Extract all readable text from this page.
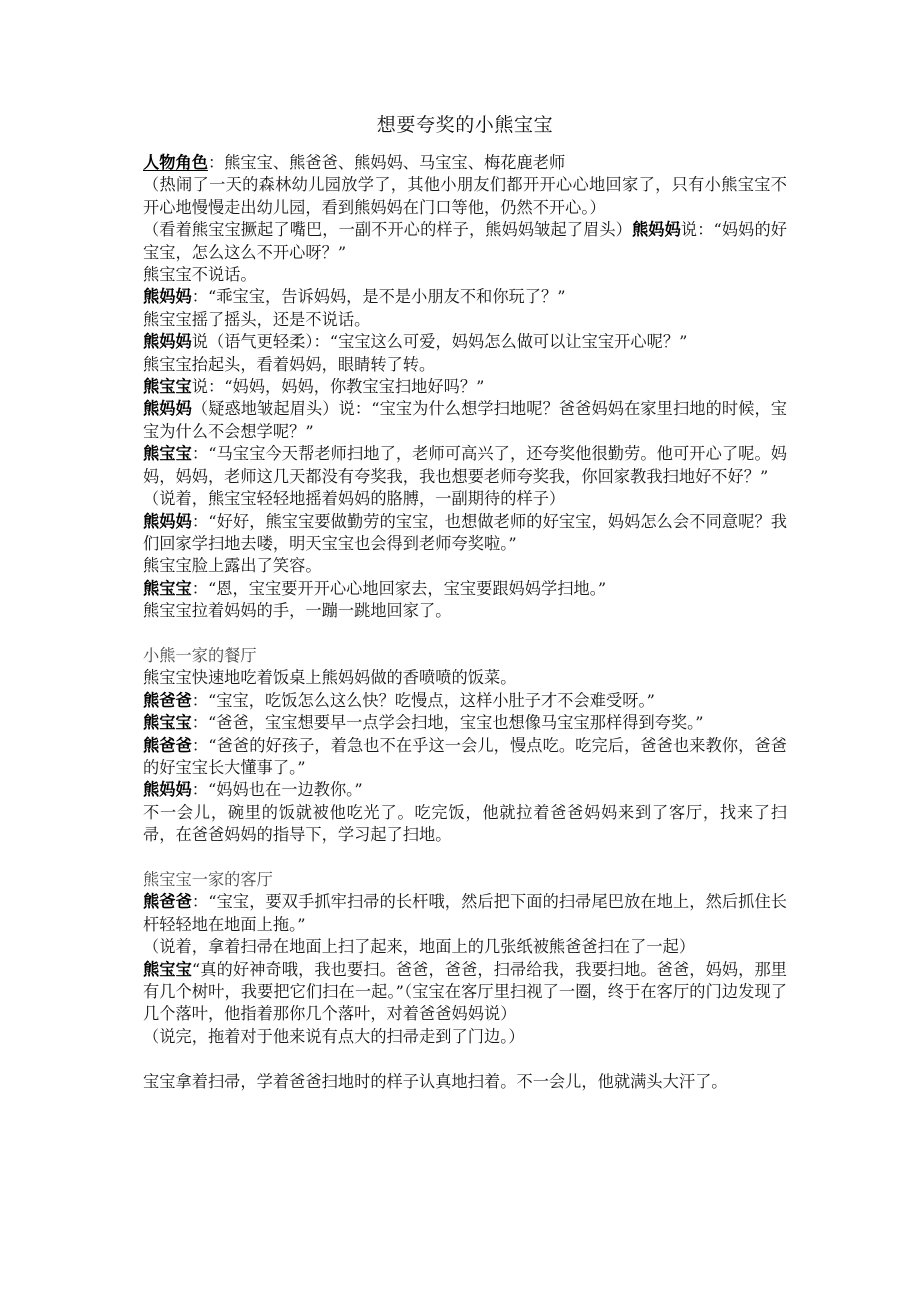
想要夸奖的小熊宝宝

人物角色：熊宝宝、熊爸爸、熊妈妈、马宝宝、梅花鹿老师

（热闹了一天的森林幼儿园放学了，其他小朋友们都开开心心地回家了，只有小熊宝宝不开心地慢慢走出幼儿园，看到熊妈妈在门口等他，仍然不开心。）

（看着熊宝宝撅起了嘴巴，一副不开心的样子，熊妈妈皱起了眉头）熊妈妈说：“妈妈的好宝宝，怎么这么不开心呀？”

熊宝宝不说话。

熊妈妈：“乖宝宝，告诉妈妈，是不是小朋友不和你玩了？”

熊宝宝摇了摇头，还是不说话。

熊妈妈说（语气更轻柔）：“宝宝这么可爱，妈妈怎么做可以让宝宝开心呢？”

熊宝宝抬起头，看着妈妈，眼睛转了转。

熊宝宝说：“妈妈，妈妈，你教宝宝扫地好吗？”

熊妈妈（疑惑地皱起眉头）说：“宝宝为什么想学扫地呢？爸爸妈妈在家里扫地的时候，宝宝为什么不会想学呢？”

熊宝宝：“马宝宝今天帮老师扫地了，老师可高兴了，还夸奖他很勤劳。他可开心了呢。妈妈，妈妈，老师这几天都没有夸奖我，我也想要老师夸奖我，你回家教我扫地好不好？”

（说着，熊宝宝轻轻地摇着妈妈的胳膊，一副期待的样子）

熊妈妈：“好好，熊宝宝要做勤劳的宝宝，也想做老师的好宝宝，妈妈怎么会不同意呢？我们回家学扫地去喽，明天宝宝也会得到老师夸奖啦。”

熊宝宝脸上露出了笑容。

熊宝宝：“恩，宝宝要开开心心地回家去，宝宝要跟妈妈学扫地。”

熊宝宝拉着妈妈的手，一蹦一跳地回家了。

小熊一家的餐厅

熊宝宝快速地吃着饭桌上熊妈妈做的香喷喷的饭菜。

熊爸爸：“宝宝，吃饭怎么这么快？吃慢点，这样小肚子才不会难受呀。”

熊宝宝：“爸爸，宝宝想要早一点学会扫地，宝宝也想像马宝宝那样得到夸奖。”

熊爸爸：“爸爸的好孩子，着急也不在乎这一会儿，慢点吃。吃完后，爸爸也来教你，爸爸的好宝宝长大懂事了。”

熊妈妈：“妈妈也在一边教你。”

不一会儿，碗里的饭就被他吃光了。吃完饭，他就拉着爸爸妈妈来到了客厅，找来了扫帚，在爸爸妈妈的指导下，学习起了扫地。

熊宝宝一家的客厅

熊爸爸：“宝宝，要双手抓牢扫帚的长杆哦，然后把下面的扫帚尾巴放在地上，然后抓住长杆轻轻地在地面上拖。”

（说着，拿着扫帚在地面上扫了起来，地面上的几张纸被熊爸爸扫在了一起）

熊宝宝“真的好神奇哦，我也要扫。爸爸，爸爸，扫帚给我，我要扫地。爸爸，妈妈，那里有几个树叶，我要把它们扫在一起。”（宝宝在客厅里扫视了一圈，终于在客厅的门边发现了几个落叶，他指着那你几个落叶，对着爸爸妈妈说）

（说完，拖着对于他来说有点大的扫帚走到了门边。）

宝宝拿着扫帚，学着爸爸扫地时的样子认真地扫着。不一会儿，他就满头大汗了。
